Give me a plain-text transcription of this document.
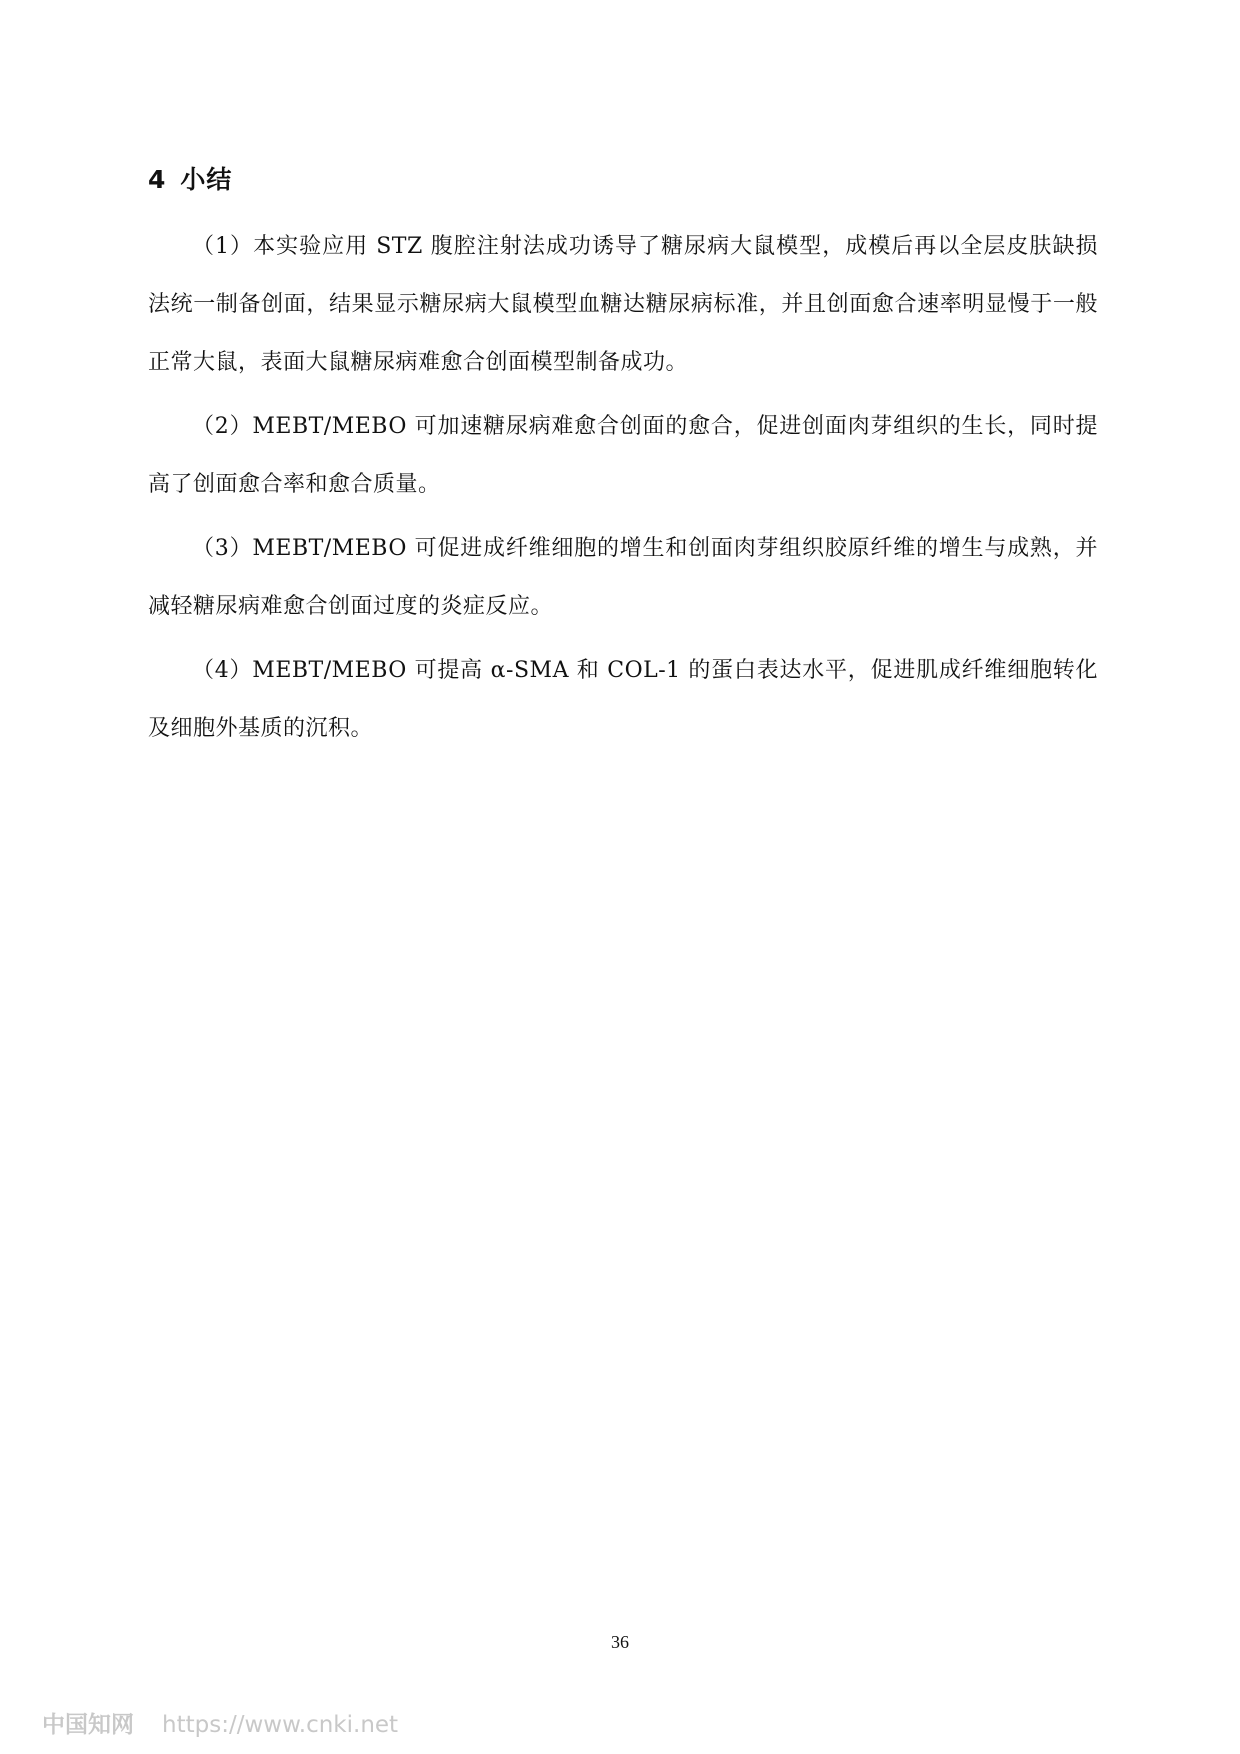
4 小结

（1）本实验应用 STZ 腹腔注射法成功诱导了糖尿病大鼠模型，成模后再以全层皮肤缺损法统一制备创面，结果显示糖尿病大鼠模型血糖达糖尿病标准，并且创面愈合速率明显慢于一般正常大鼠，表面大鼠糖尿病难愈合创面模型制备成功。

（2）MEBT/MEBO 可加速糖尿病难愈合创面的愈合，促进创面肉芽组织的生长，同时提高了创面愈合率和愈合质量。

（3）MEBT/MEBO 可促进成纤维细胞的增生和创面肉芽组织胶原纤维的增生与成熟，并减轻糖尿病难愈合创面过度的炎症反应。

（4）MEBT/MEBO 可提高 α-SMA 和 COL-1 的蛋白表达水平，促进肌成纤维细胞转化及细胞外基质的沉积。

36
中国知网 https://www.cnki.net
